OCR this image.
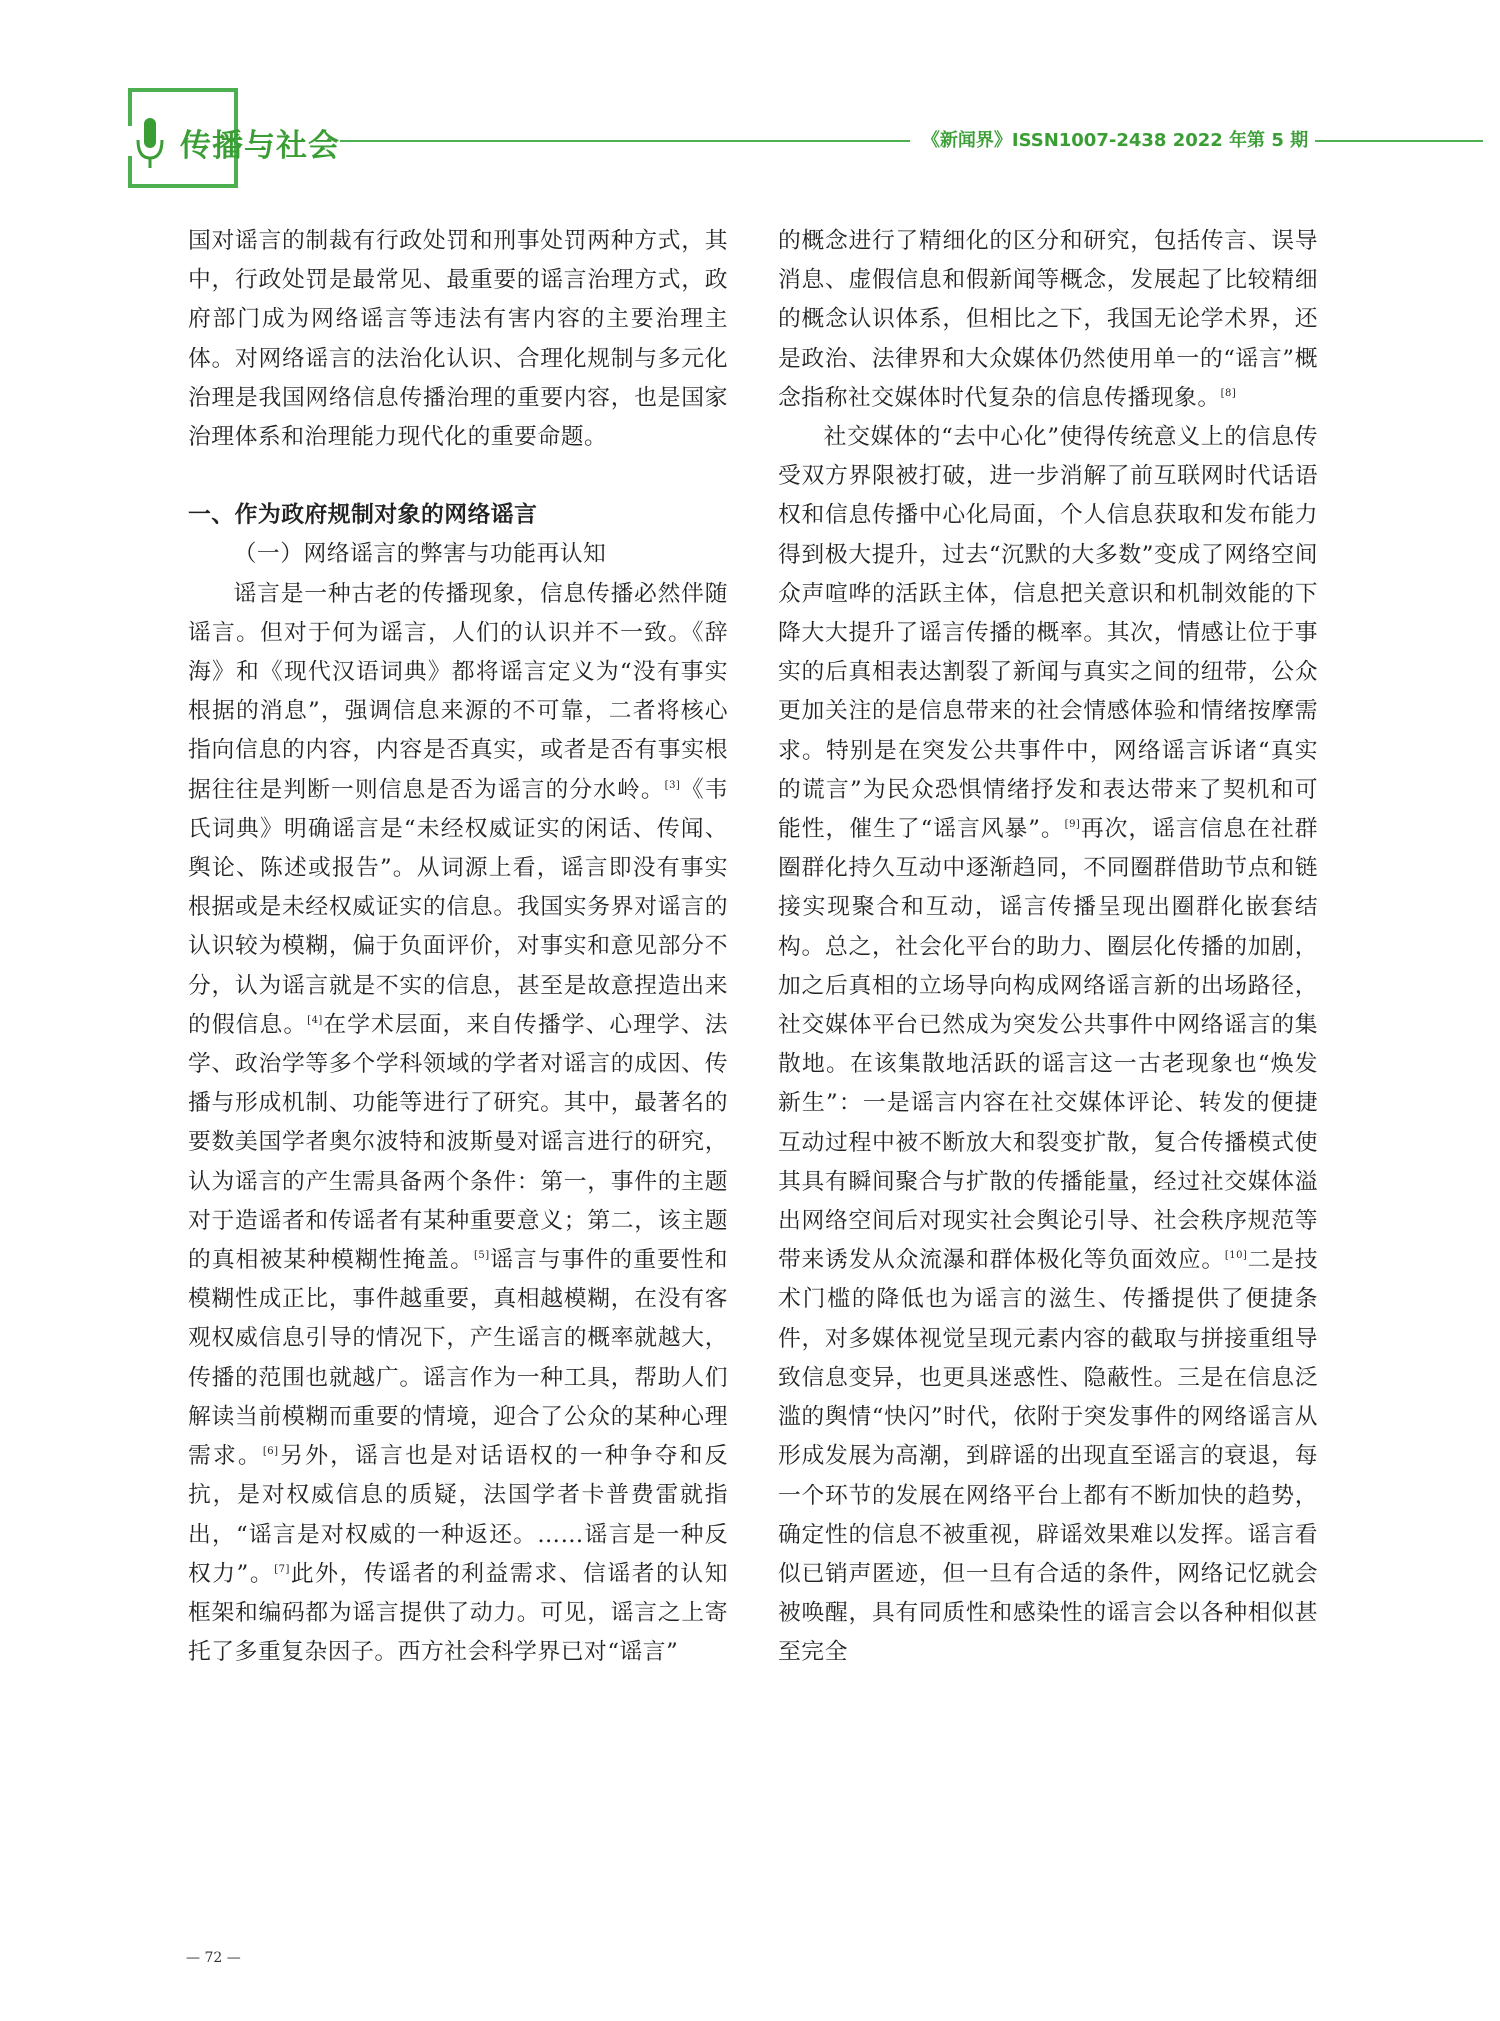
传播与社会	《新闻界》ISSN1007-2438 2022 年第 5 期

国对谣言的制裁有行政处罚和刑事处罚两种方式，其中，行政处罚是最常见、最重要的谣言治理方式，政府部门成为网络谣言等违法有害内容的主要治理主体。对网络谣言的法治化认识、合理化规制与多元化治理是我国网络信息传播治理的重要内容，也是国家治理体系和治理能力现代化的重要命题。

一、作为政府规制对象的网络谣言

（一）网络谣言的弊害与功能再认知

谣言是一种古老的传播现象，信息传播必然伴随谣言。但对于何为谣言，人们的认识并不一致。《辞海》和《现代汉语词典》都将谣言定义为“没有事实根据的消息”，强调信息来源的不可靠，二者将核心指向信息的内容，内容是否真实，或者是否有事实根据往往是判断一则信息是否为谣言的分水岭。[3]《韦氏词典》明确谣言是“未经权威证实的闲话、传闻、舆论、陈述或报告”。从词源上看，谣言即没有事实根据或是未经权威证实的信息。我国实务界对谣言的认识较为模糊，偏于负面评价，对事实和意见部分不分，认为谣言就是不实的信息，甚至是故意捏造出来的假信息。[4]在学术层面，来自传播学、心理学、法学、政治学等多个学科领域的学者对谣言的成因、传播与形成机制、功能等进行了研究。其中，最著名的要数美国学者奥尔波特和波斯曼对谣言进行的研究，认为谣言的产生需具备两个条件：第一，事件的主题对于造谣者和传谣者有某种重要意义；第二，该主题的真相被某种模糊性掩盖。[5]谣言与事件的重要性和模糊性成正比，事件越重要，真相越模糊，在没有客观权威信息引导的情况下，产生谣言的概率就越大，传播的范围也就越广。谣言作为一种工具，帮助人们解读当前模糊而重要的情境，迎合了公众的某种心理需求。[6]另外，谣言也是对话语权的一种争夺和反抗，是对权威信息的质疑，法国学者卡普费雷就指出，“谣言是对权威的一种返还。……谣言是一种反权力”。[7]此外，传谣者的利益需求、信谣者的认知框架和编码都为谣言提供了动力。可见，谣言之上寄托了多重复杂因子。西方社会科学界已对“谣言”

的概念进行了精细化的区分和研究，包括传言、误导消息、虚假信息和假新闻等概念，发展起了比较精细的概念认识体系，但相比之下，我国无论学术界，还是政治、法律界和大众媒体仍然使用单一的“谣言”概念指称社交媒体时代复杂的信息传播现象。[8]

社交媒体的“去中心化”使得传统意义上的信息传受双方界限被打破，进一步消解了前互联网时代话语权和信息传播中心化局面，个人信息获取和发布能力得到极大提升，过去“沉默的大多数”变成了网络空间众声喧哗的活跃主体，信息把关意识和机制效能的下降大大提升了谣言传播的概率。其次，情感让位于事实的后真相表达割裂了新闻与真实之间的纽带，公众更加关注的是信息带来的社会情感体验和情绪按摩需求。特别是在突发公共事件中，网络谣言诉诸“真实的谎言”为民众恐惧情绪抒发和表达带来了契机和可能性，催生了“谣言风暴”。[9]再次，谣言信息在社群圈群化持久互动中逐渐趋同，不同圈群借助节点和链接实现聚合和互动，谣言传播呈现出圈群化嵌套结构。总之，社会化平台的助力、圈层化传播的加剧，加之后真相的立场导向构成网络谣言新的出场路径，社交媒体平台已然成为突发公共事件中网络谣言的集散地。在该集散地活跃的谣言这一古老现象也“焕发新生”：一是谣言内容在社交媒体评论、转发的便捷互动过程中被不断放大和裂变扩散，复合传播模式使其具有瞬间聚合与扩散的传播能量，经过社交媒体溢出网络空间后对现实社会舆论引导、社会秩序规范等带来诱发从众流瀑和群体极化等负面效应。[10]二是技术门槛的降低也为谣言的滋生、传播提供了便捷条件，对多媒体视觉呈现元素内容的截取与拼接重组导致信息变异，也更具迷惑性、隐蔽性。三是在信息泛滥的舆情“快闪”时代，依附于突发事件的网络谣言从形成发展为高潮，到辟谣的出现直至谣言的衰退，每一个环节的发展在网络平台上都有不断加快的趋势，确定性的信息不被重视，辟谣效果难以发挥。谣言看似已销声匿迹，但一旦有合适的条件，网络记忆就会被唤醒，具有同质性和感染性的谣言会以各种相似甚至完全

— 72 —
